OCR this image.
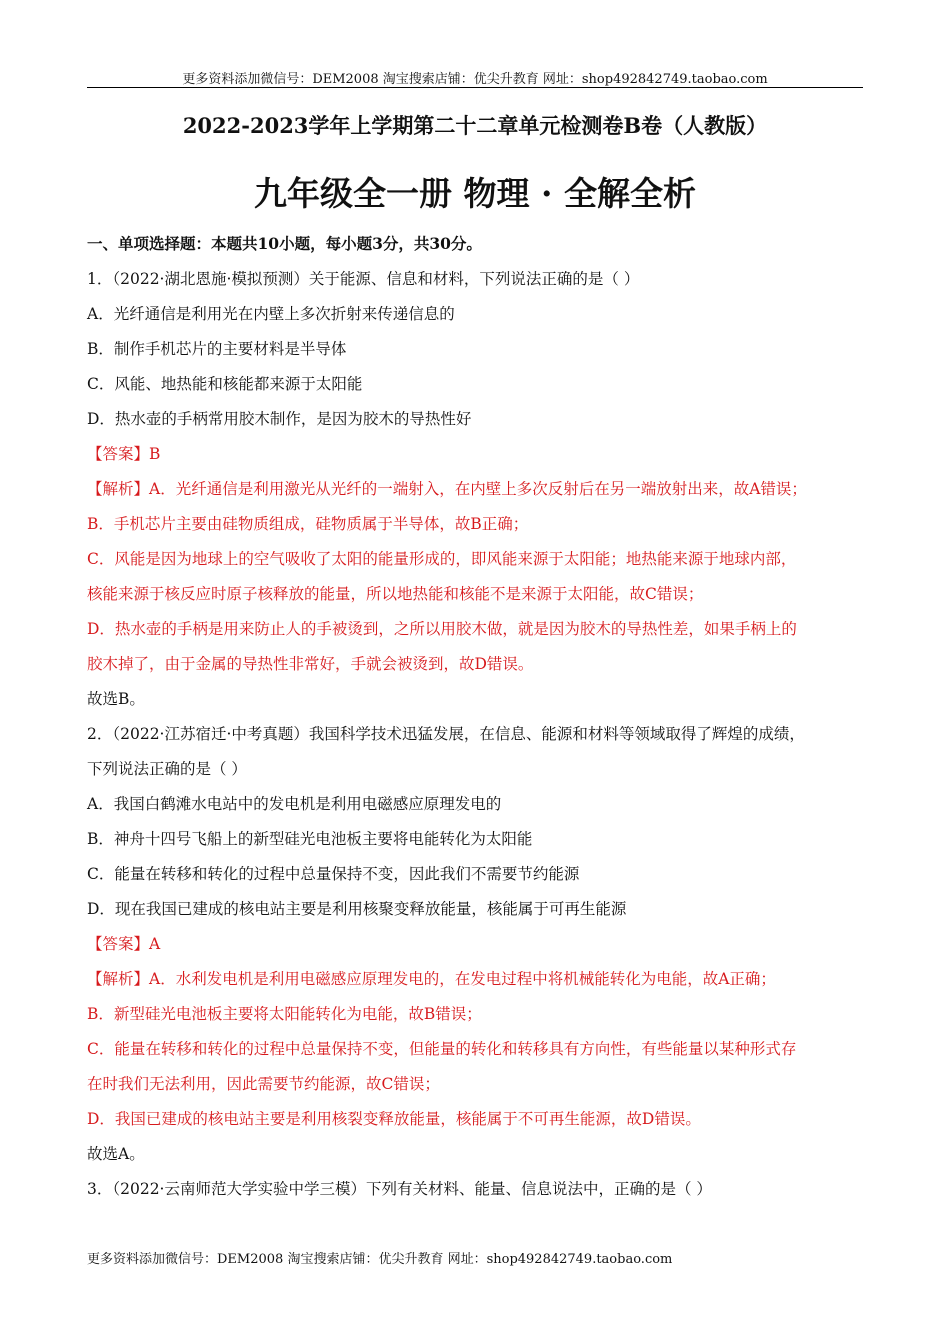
更多资料添加微信号：DEM2008 淘宝搜索店铺：优尖升教育 网址：shop492842749.taobao.com
2022-2023学年上学期第二十二章单元检测卷B卷（人教版）
九年级全一册 物理 · 全解全析
一、单项选择题：本题共10小题，每小题3分，共30分。
1．（2022·湖北恩施·模拟预测）关于能源、信息和材料，下列说法正确的是（ ）
A．光纤通信是利用光在内壁上多次折射来传递信息的
B．制作手机芯片的主要材料是半导体
C．风能、地热能和核能都来源于太阳能
D．热水壶的手柄常用胶木制作，是因为胶木的导热性好
【答案】B
【解析】A．光纤通信是利用激光从光纤的一端射入，在内壁上多次反射后在另一端放射出来，故A错误；
B．手机芯片主要由硅物质组成，硅物质属于半导体，故B正确；
C．风能是因为地球上的空气吸收了太阳的能量形成的，即风能来源于太阳能；地热能来源于地球内部，
核能来源于核反应时原子核释放的能量，所以地热能和核能不是来源于太阳能，故C错误；
D．热水壶的手柄是用来防止人的手被烫到，之所以用胶木做，就是因为胶木的导热性差，如果手柄上的
胶木掉了，由于金属的导热性非常好，手就会被烫到，故D错误。
故选B。
2．（2022·江苏宿迁·中考真题）我国科学技术迅猛发展，在信息、能源和材料等领域取得了辉煌的成绩，
下列说法正确的是（ ）
A．我国白鹤滩水电站中的发电机是利用电磁感应原理发电的
B．神舟十四号飞船上的新型硅光电池板主要将电能转化为太阳能
C．能量在转移和转化的过程中总量保持不变，因此我们不需要节约能源
D．现在我国已建成的核电站主要是利用核聚变释放能量，核能属于可再生能源
【答案】A
【解析】A．水利发电机是利用电磁感应原理发电的，在发电过程中将机械能转化为电能，故A正确；
B．新型硅光电池板主要将太阳能转化为电能，故B错误；
C．能量在转移和转化的过程中总量保持不变，但能量的转化和转移具有方向性，有些能量以某种形式存
在时我们无法利用，因此需要节约能源，故C错误；
D．我国已建成的核电站主要是利用核裂变释放能量，核能属于不可再生能源，故D错误。
故选A。
3．（2022·云南师范大学实验中学三模）下列有关材料、能量、信息说法中，正确的是（ ）
更多资料添加微信号：DEM2008 淘宝搜索店铺：优尖升教育 网址：shop492842749.taobao.com
